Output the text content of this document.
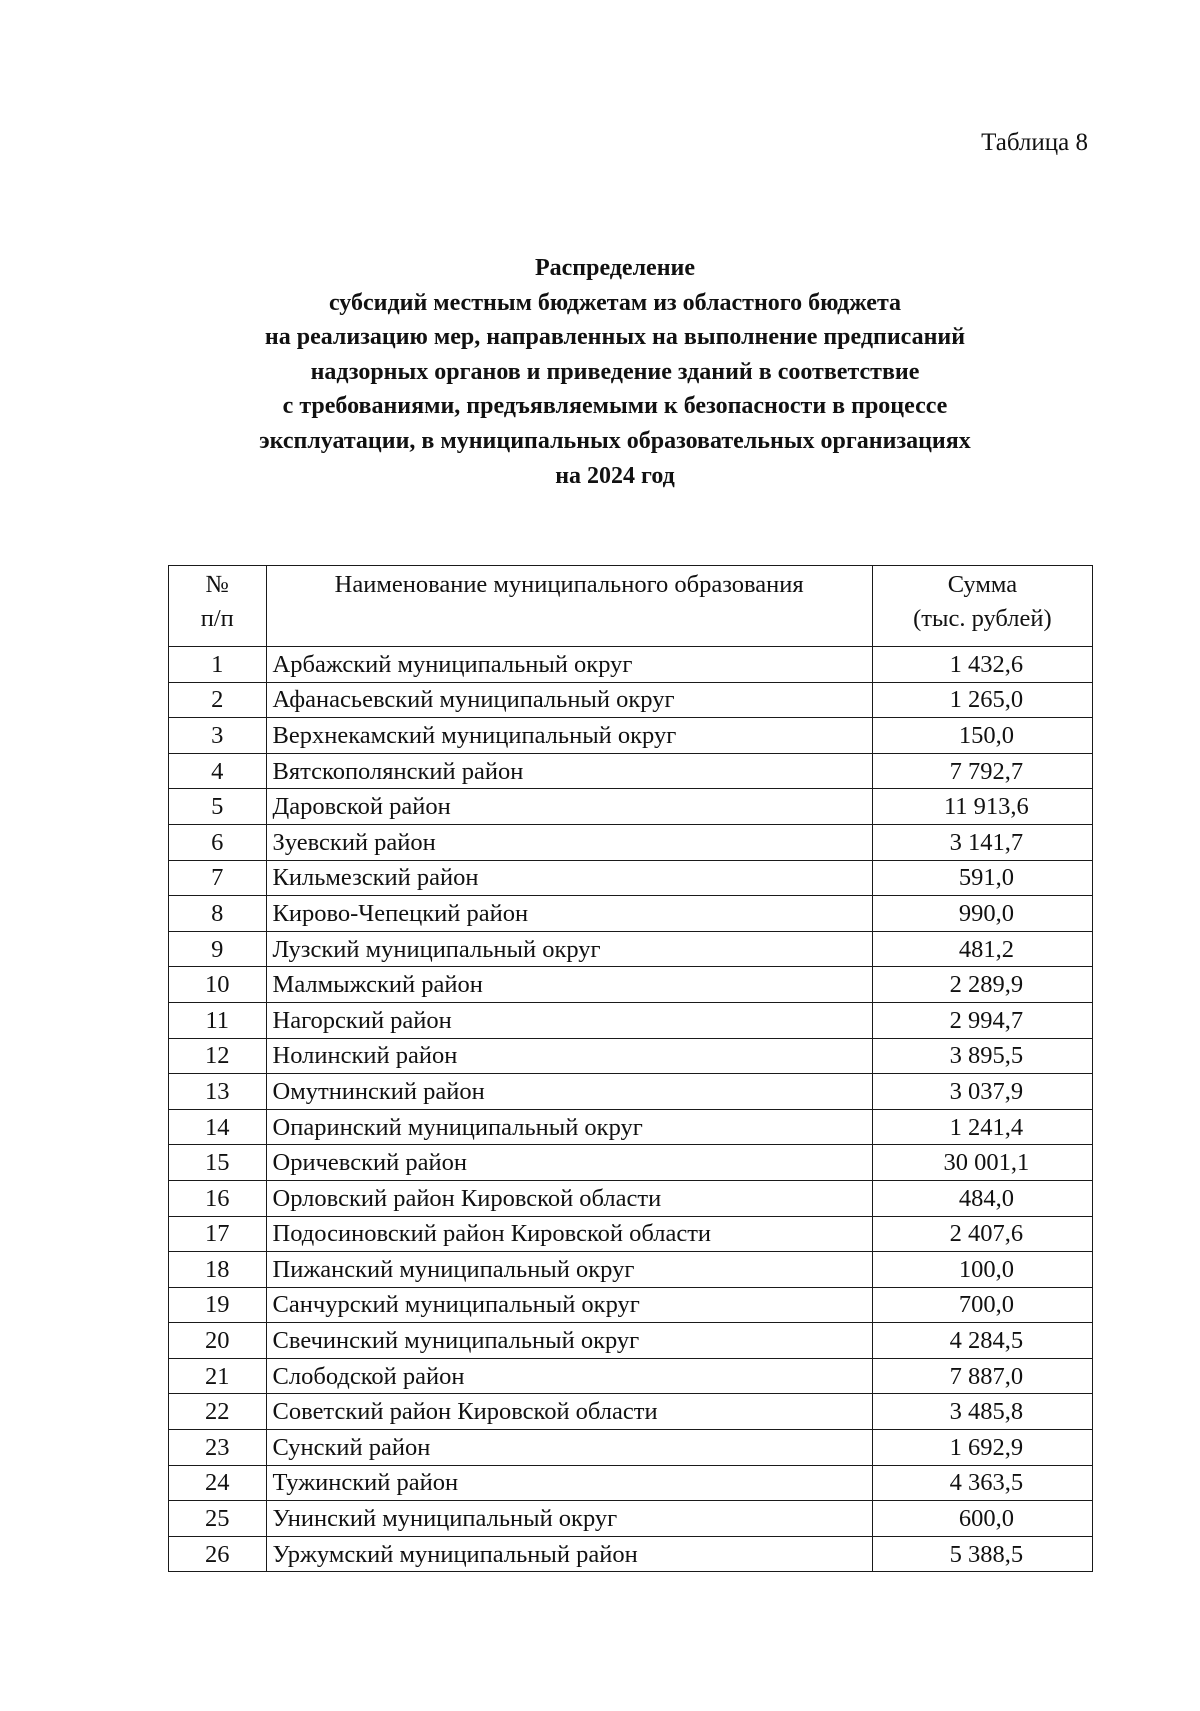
Таблица 8
Распределение
субсидий местным бюджетам из областного бюджета
на реализацию мер, направленных на выполнение предписаний
надзорных органов и приведение зданий в соответствие
с требованиями, предъявляемыми к безопасности в процессе
эксплуатации, в муниципальных образовательных организациях
на 2024 год
№
п/п	Наименование муниципального образования	Сумма
(тыс. рублей)

1	Арбажский муниципальный округ	1 432,6
2	Афанасьевский муниципальный округ	1 265,0
3	Верхнекамский муниципальный округ	150,0
4	Вятскополянский район	7 792,7
5	Даровской район	11 913,6
6	Зуевский район	3 141,7
7	Кильмезский район	591,0
8	Кирово-Чепецкий район	990,0
9	Лузский муниципальный округ	481,2
10	Малмыжский район	2 289,9
11	Нагорский район	2 994,7
12	Нолинский район	3 895,5
13	Омутнинский район	3 037,9
14	Опаринский муниципальный округ	1 241,4
15	Оричевский район	30 001,1
16	Орловский район Кировской области	484,0
17	Подосиновский район Кировской области	2 407,6
18	Пижанский муниципальный округ	100,0
19	Санчурский муниципальный округ	700,0
20	Свечинский муниципальный округ	4 284,5
21	Слободской район	7 887,0
22	Советский район Кировской области	3 485,8
23	Сунский район	1 692,9
24	Тужинский район	4 363,5
25	Унинский муниципальный округ	600,0
26	Уржумский муниципальный район	5 388,5
